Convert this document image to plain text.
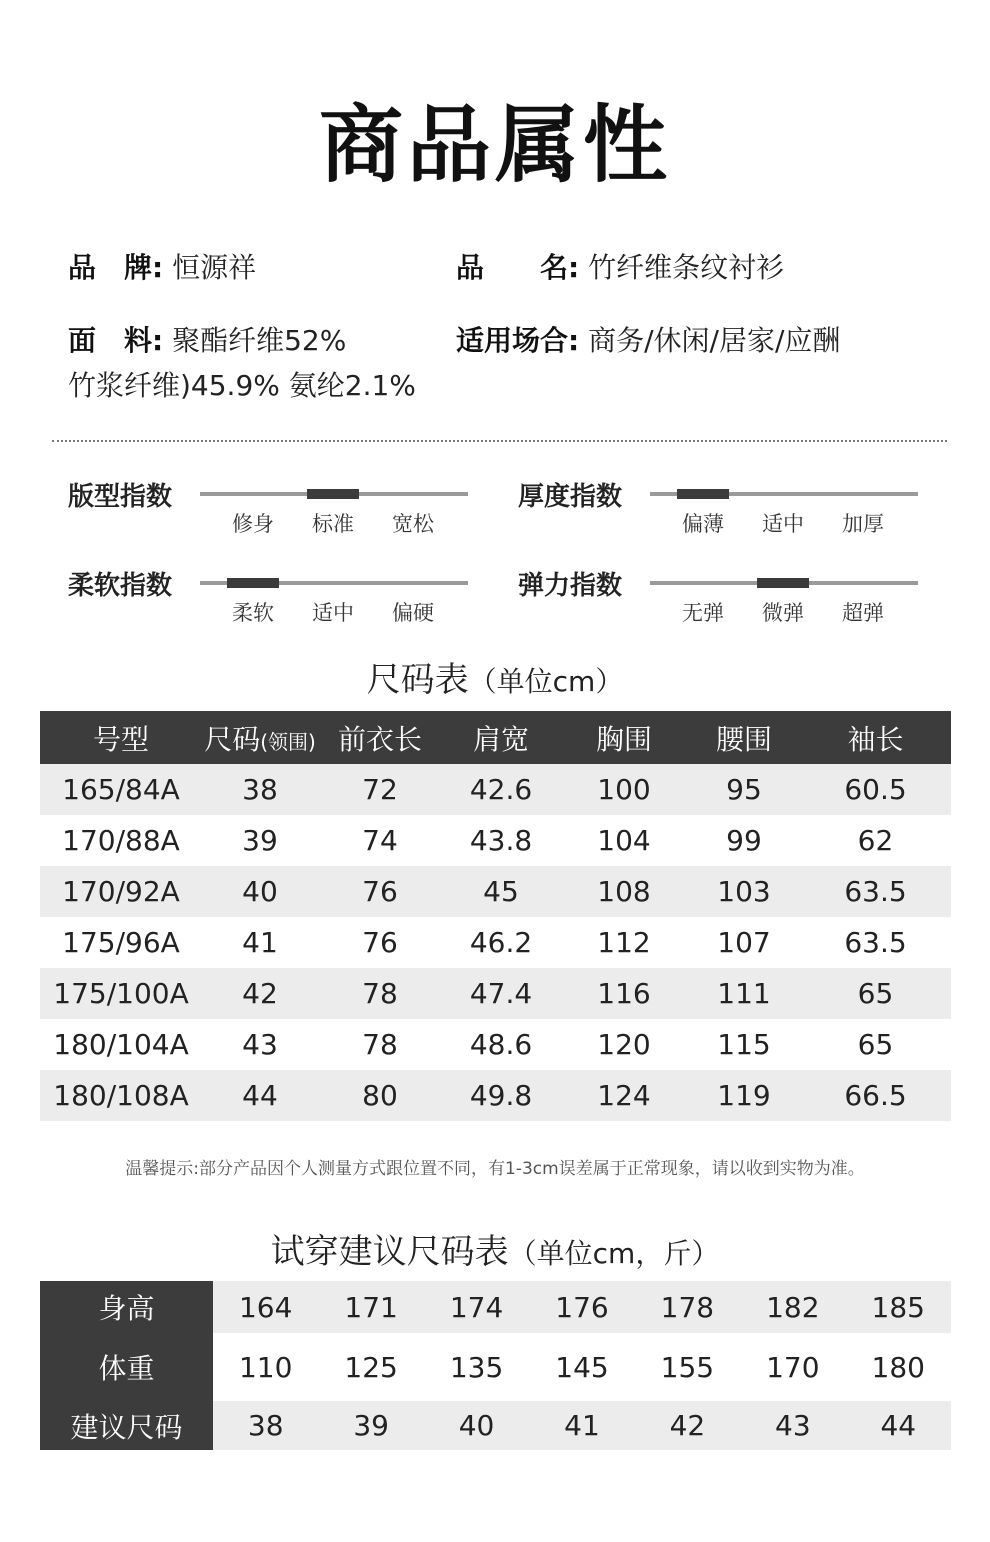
商品属性
品　牌: 恒源祥	品　　名: 竹纤维条纹衬衫
面　料: 聚酯纤维52%
竹浆纤维)45.9% 氨纶2.1%
适用场合: 商务/休闲/居家/应酬
版型指数
修身 标准 宽松
厚度指数
偏薄 适中 加厚
柔软指数
柔软 适中 偏硬
弹力指数
无弹 微弹 超弹
尺码表（单位cm）
号型	尺码(领围)	前衣长	肩宽	胸围	腰围	袖长
165/84A	38	72	42.6	100	95	60.5
170/88A	39	74	43.8	104	99	62
170/92A	40	76	45	108	103	63.5
175/96A	41	76	46.2	112	107	63.5
175/100A	42	78	47.4	116	111	65
180/104A	43	78	48.6	120	115	65
180/108A	44	80	49.8	124	119	66.5
温馨提示:部分产品因个人测量方式跟位置不同，有1-3cm误差属于正常现象，请以收到实物为准。
试穿建议尺码表（单位cm，斤）
身高	164	171	174	176	178	182	185
体重	110	125	135	145	155	170	180
建议尺码	38	39	40	41	42	43	44
